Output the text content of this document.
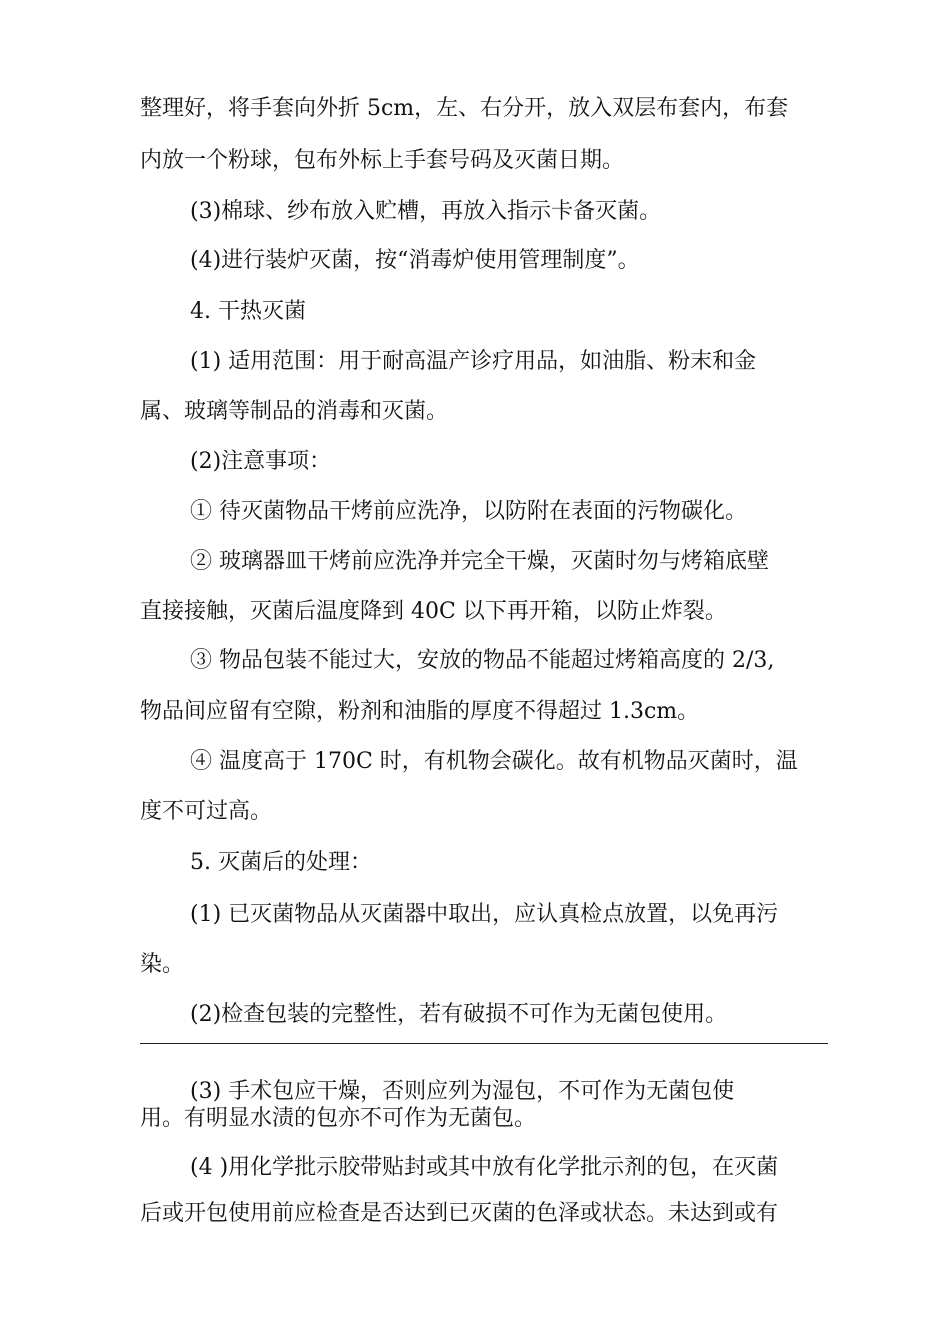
整理好，将手套向外折 5cm，左、右分开，放入双层布套内，布套

内放一个粉球，包布外标上手套号码及灭菌日期。

(3)棉球、纱布放入贮槽，再放入指示卡备灭菌。

(4)进行装炉灭菌，按“消毒炉使用管理制度”。

4. 干热灭菌

(1) 适用范围：用于耐高温产诊疗用品，如油脂、粉末和金

属、玻璃等制品的消毒和灭菌。

(2)注意事项：

① 待灭菌物品干烤前应洗净，以防附在表面的污物碳化。

② 玻璃器皿干烤前应洗净并完全干燥，灭菌时勿与烤箱底壁

直接接触，灭菌后温度降到 40C 以下再开箱，以防止炸裂。

③ 物品包装不能过大，安放的物品不能超过烤箱高度的 2/3,

物品间应留有空隙，粉剂和油脂的厚度不得超过 1.3cm。

④ 温度高于 170C 时，有机物会碳化。故有机物品灭菌时，温

度不可过高。

5. 灭菌后的处理：

(1) 已灭菌物品从灭菌器中取出，应认真检点放置，以免再污

染。

(2)检查包装的完整性，若有破损不可作为无菌包使用。

(3) 手术包应干燥，否则应列为湿包，不可作为无菌包使

用。有明显水渍的包亦不可作为无菌包。

(4 )用化学批示胶带贴封或其中放有化学批示剂的包，在灭菌

后或开包使用前应检查是否达到已灭菌的色泽或状态。未达到或有
